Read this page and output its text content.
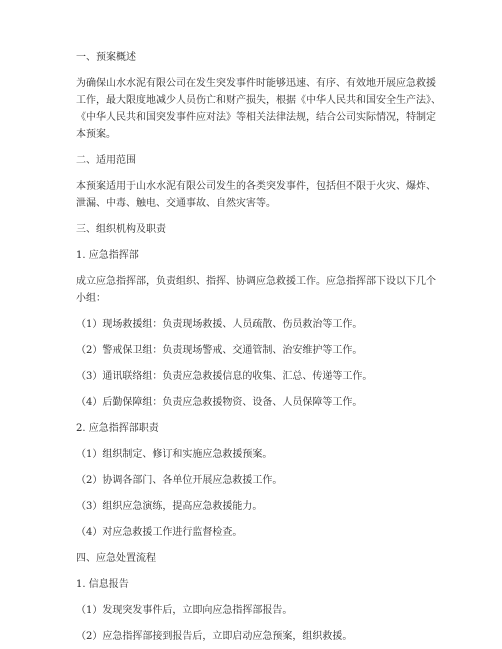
一、预案概述
为确保山水水泥有限公司在发生突发事件时能够迅速、有序、有效地开展应急救援
工作，最大限度地减少人员伤亡和财产损失，根据《中华人民共和国安全生产法》、
《中华人民共和国突发事件应对法》等相关法律法规，结合公司实际情况，特制定
本预案。
二、适用范围
本预案适用于山水水泥有限公司发生的各类突发事件，包括但不限于火灾、爆炸、
泄漏、中毒、触电、交通事故、自然灾害等。
三、组织机构及职责
1. 应急指挥部
成立应急指挥部，负责组织、指挥、协调应急救援工作。应急指挥部下设以下几个
小组：
（1）现场救援组：负责现场救援、人员疏散、伤员救治等工作。
（2）警戒保卫组：负责现场警戒、交通管制、治安维护等工作。
（3）通讯联络组：负责应急救援信息的收集、汇总、传递等工作。
（4）后勤保障组：负责应急救援物资、设备、人员保障等工作。
2. 应急指挥部职责
（1）组织制定、修订和实施应急救援预案。
（2）协调各部门、各单位开展应急救援工作。
（3）组织应急演练，提高应急救援能力。
（4）对应急救援工作进行监督检查。
四、应急处置流程
1. 信息报告
（1）发现突发事件后，立即向应急指挥部报告。
（2）应急指挥部接到报告后，立即启动应急预案，组织救援。
